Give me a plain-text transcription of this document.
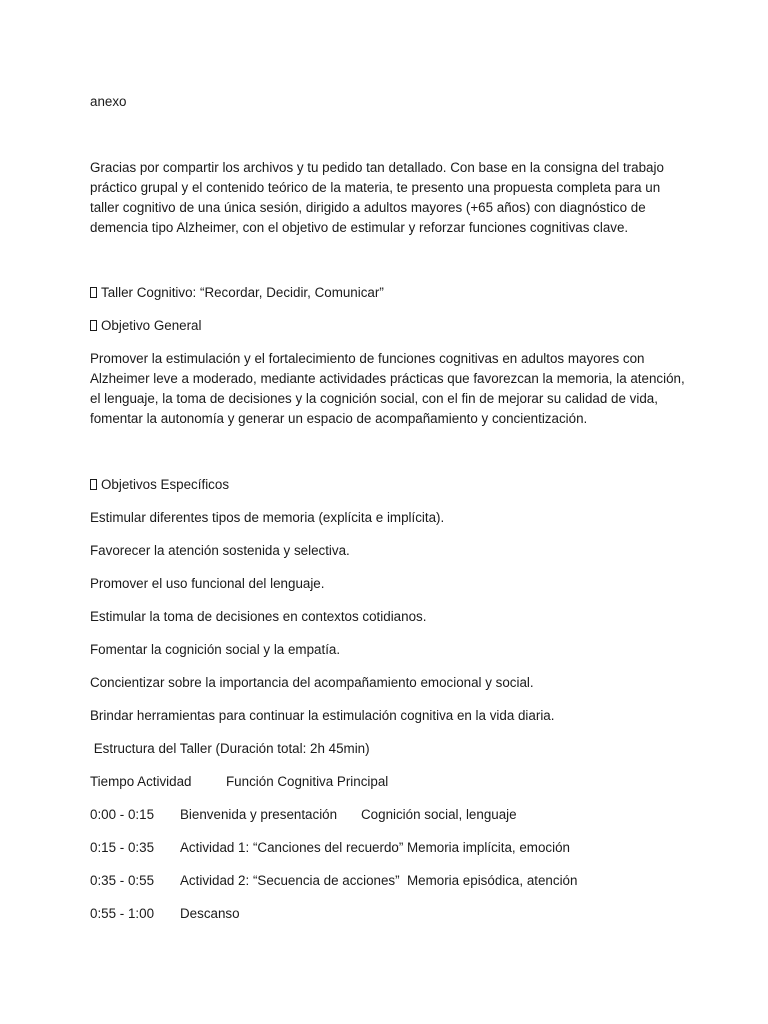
anexo

Gracias por compartir los archivos y tu pedido tan detallado. Con base en la consigna del trabajo práctico grupal y el contenido teórico de la materia, te presento una propuesta completa para un taller cognitivo de una única sesión, dirigido a adultos mayores (+65 años) con diagnóstico de demencia tipo Alzheimer, con el objetivo de estimular y reforzar funciones cognitivas clave.

Taller Cognitivo: “Recordar, Decidir, Comunicar”

Objetivo General

Promover la estimulación y el fortalecimiento de funciones cognitivas en adultos mayores con Alzheimer leve a moderado, mediante actividades prácticas que favorezcan la memoria, la atención, el lenguaje, la toma de decisiones y la cognición social, con el fin de mejorar su calidad de vida, fomentar la autonomía y generar un espacio de acompañamiento y concientización.

Objetivos Específicos

Estimular diferentes tipos de memoria (explícita e implícita).

Favorecer la atención sostenida y selectiva.

Promover el uso funcional del lenguaje.

Estimular la toma de decisiones en contextos cotidianos.

Fomentar la cognición social y la empatía.

Concientizar sobre la importancia del acompañamiento emocional y social.

Brindar herramientas para continuar la estimulación cognitiva en la vida diaria.

Estructura del Taller (Duración total: 2h 45min)

Tiempo Actividad	Función Cognitiva Principal
0:00 - 0:15 Bienvenida y presentación Cognición social, lenguaje
0:15 - 0:35 Actividad 1: “Canciones del recuerdo” Memoria implícita, emoción
0:35 - 0:55 Actividad 2: “Secuencia de acciones” Memoria episódica, atención
0:55 - 1:00 Descanso
